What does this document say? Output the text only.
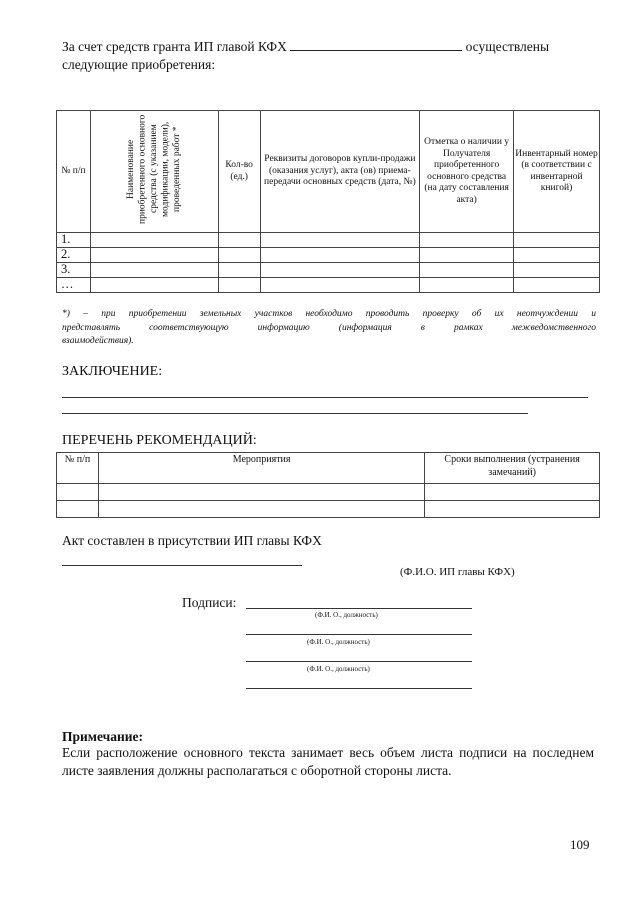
За счет средств гранта ИП главой КФХ	осуществлены следующие приобретения:
№ п/п	Наименование приобретенного основного средства (с указанием модификации, модели), проведенных работ *	Кол-во (ед.)	Реквизиты договоров купли-продажи (оказания услуг), акта (ов) приема-передачи основных средств (дата, №)	Отметка о наличии у Получателя приобретенного основного средства (на дату составления акта)	Инвентарный номер (в соответствии с инвентарной книгой)
1.					
2.					
3.					
…					
*) – при приобретении земельных участков необходимо проводить проверку об их неотчуждении и
представлять соответствующую информацию (информация в рамках межведомственного
взаимодействия).
ЗАКЛЮЧЕНИЕ:
ПЕРЕЧЕНЬ РЕКОМЕНДАЦИЙ:
№ п/п	Мероприятия	Сроки выполнения (устранения замечаний)

Акт составлен в присутствии ИП главы КФХ
(Ф.И.О. ИП главы КФХ)
Подписи:
(Ф.И. О., должность)
(Ф.И. О., должность)
(Ф.И. О., должность)
Примечание:
Если расположение основного текста занимает весь объем листа подписи на последнем листе заявления должны располагаться с оборотной стороны листа.
109
